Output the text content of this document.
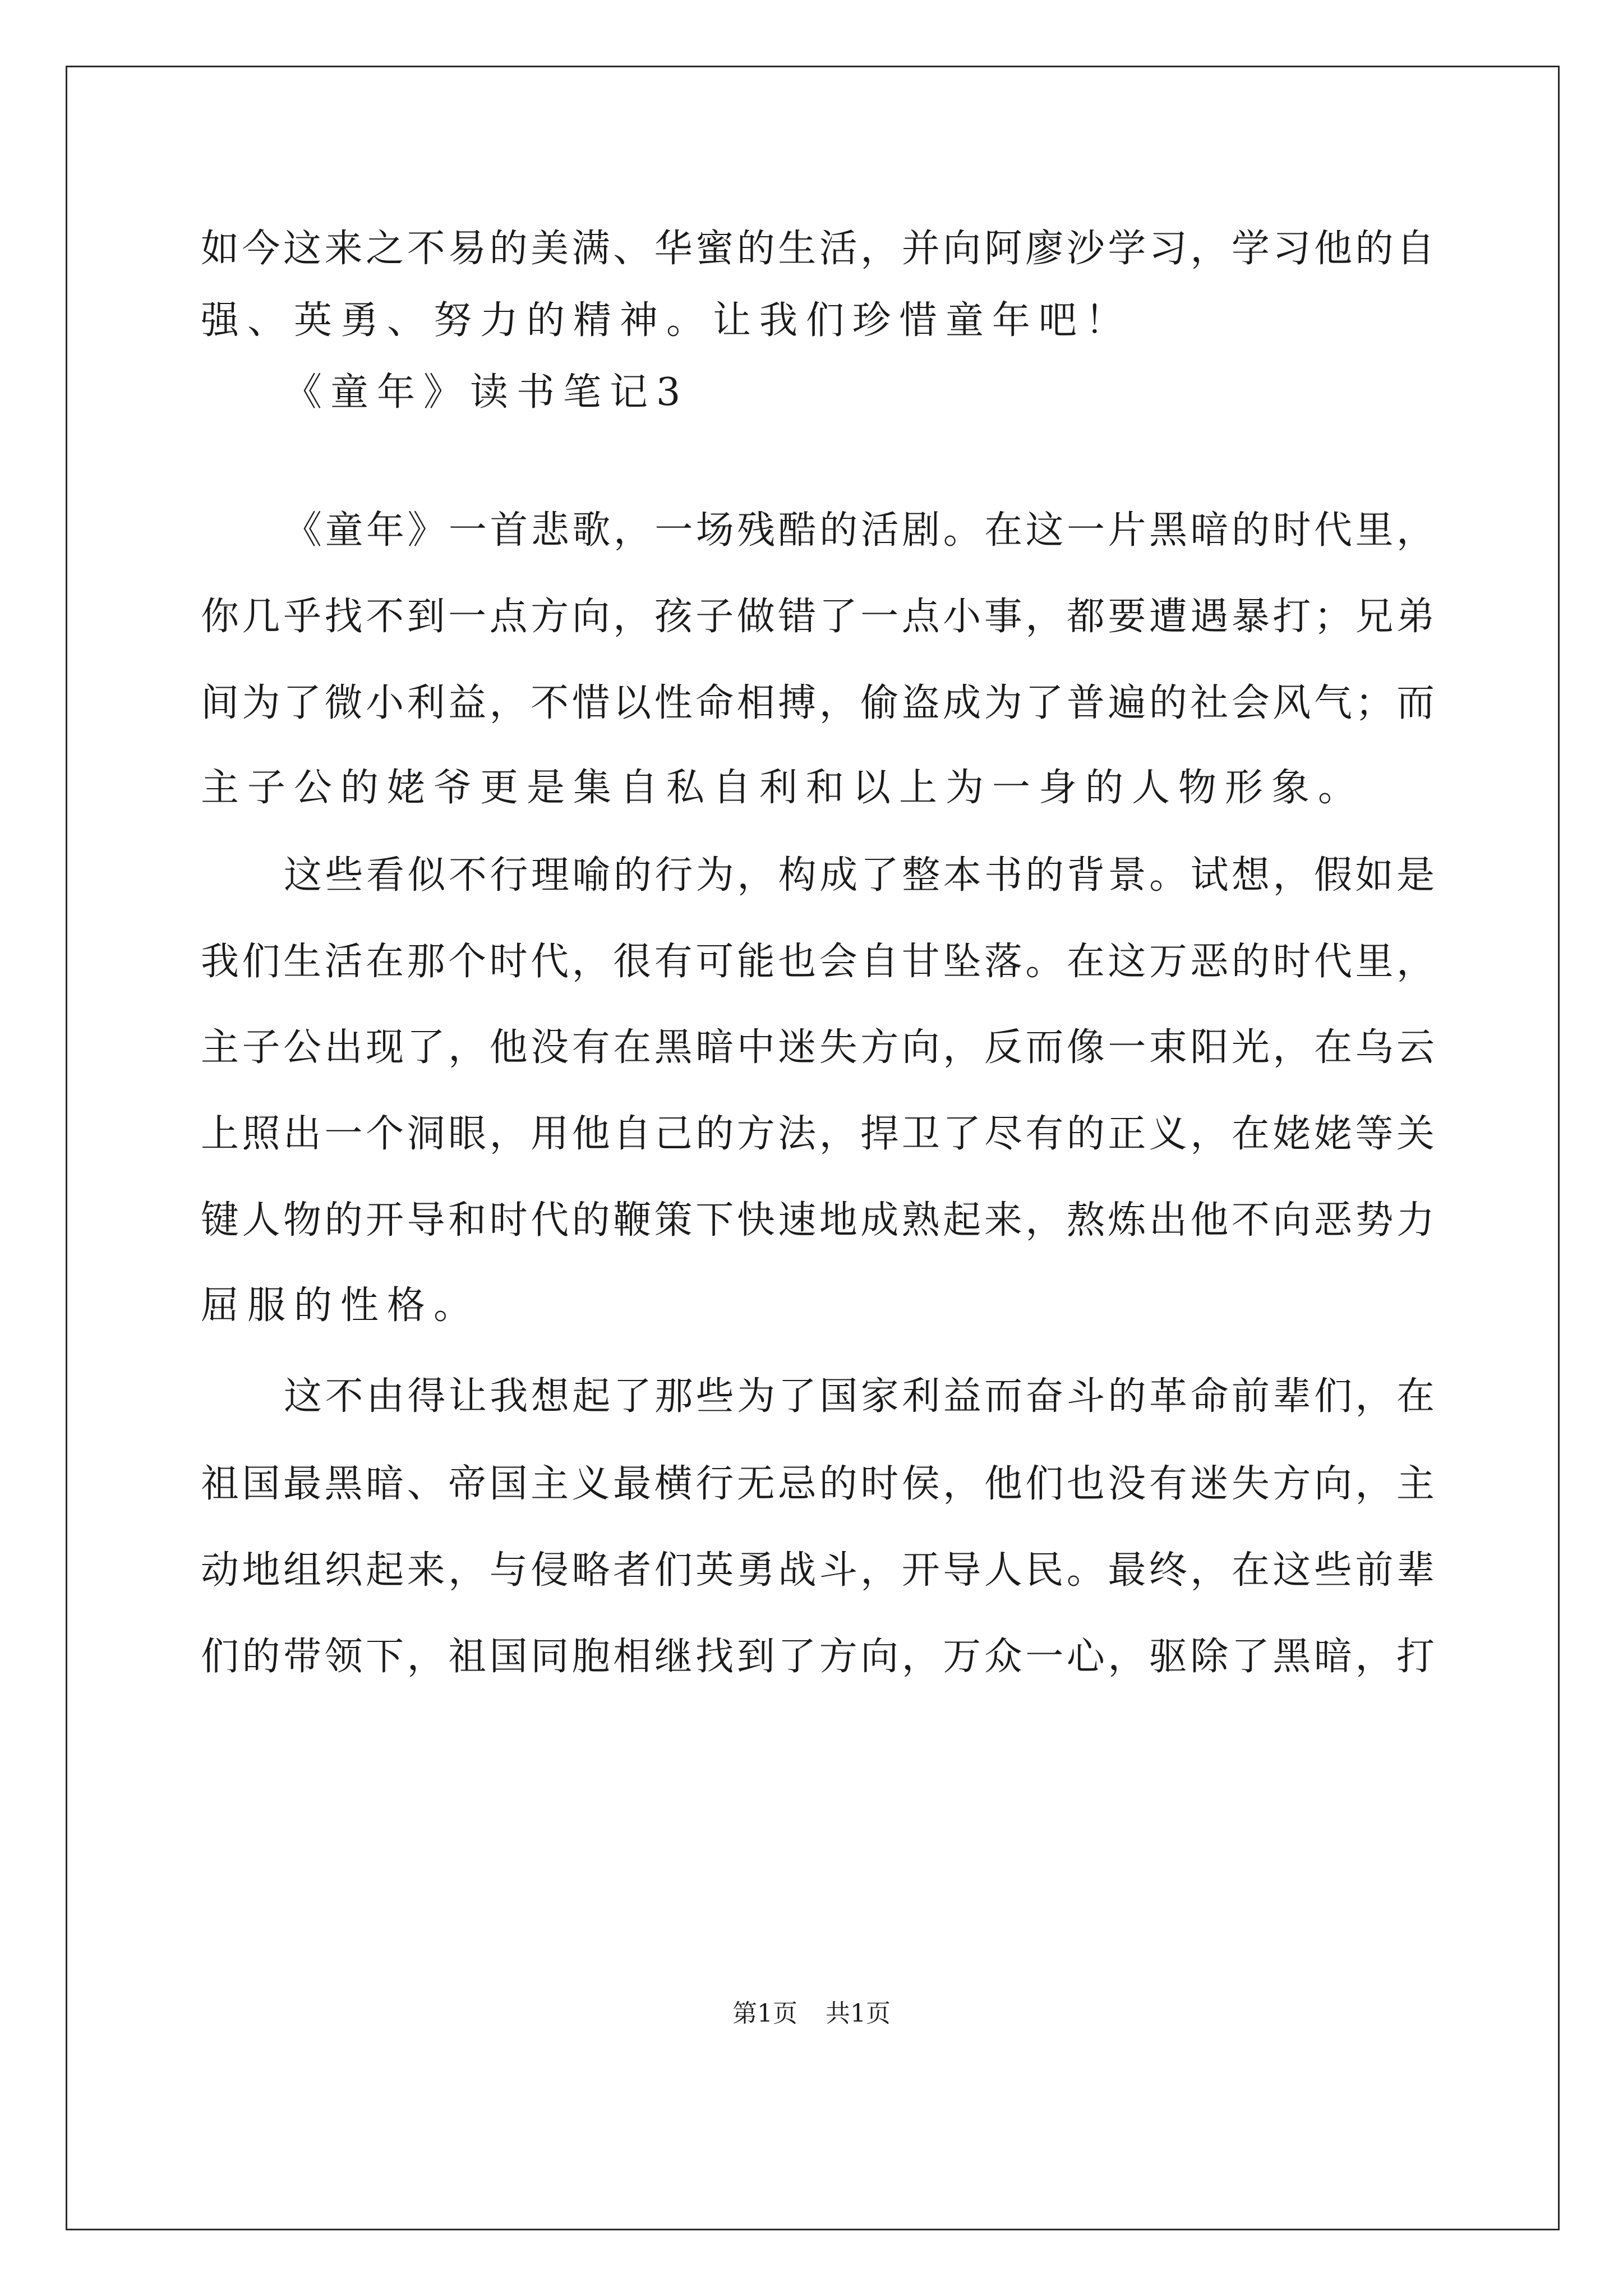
如今这来之不易的美满、华蜜的生活，并向阿廖沙学习，学习他的自
强、英勇、努力的精神。让我们珍惜童年吧！
《童年》读书笔记3
《童年》一首悲歌，一场残酷的活剧。在这一片黑暗的时代里，
你几乎找不到一点方向，孩子做错了一点小事，都要遭遇暴打；兄弟
间为了微小利益，不惜以性命相搏，偷盗成为了普遍的社会风气；而
主子公的姥爷更是集自私自利和以上为一身的人物形象。
这些看似不行理喻的行为，构成了整本书的背景。试想，假如是
我们生活在那个时代，很有可能也会自甘坠落。在这万恶的时代里，
主子公出现了，他没有在黑暗中迷失方向，反而像一束阳光，在乌云
上照出一个洞眼，用他自己的方法，捍卫了尽有的正义，在姥姥等关
键人物的开导和时代的鞭策下快速地成熟起来，熬炼出他不向恶势力
屈服的性格。
这不由得让我想起了那些为了国家利益而奋斗的革命前辈们，在
祖国最黑暗、帝国主义最横行无忌的时侯，他们也没有迷失方向，主
动地组织起来，与侵略者们英勇战斗，开导人民。最终，在这些前辈
们的带领下，祖国同胞相继找到了方向，万众一心，驱除了黑暗，打
第1页 共1页
